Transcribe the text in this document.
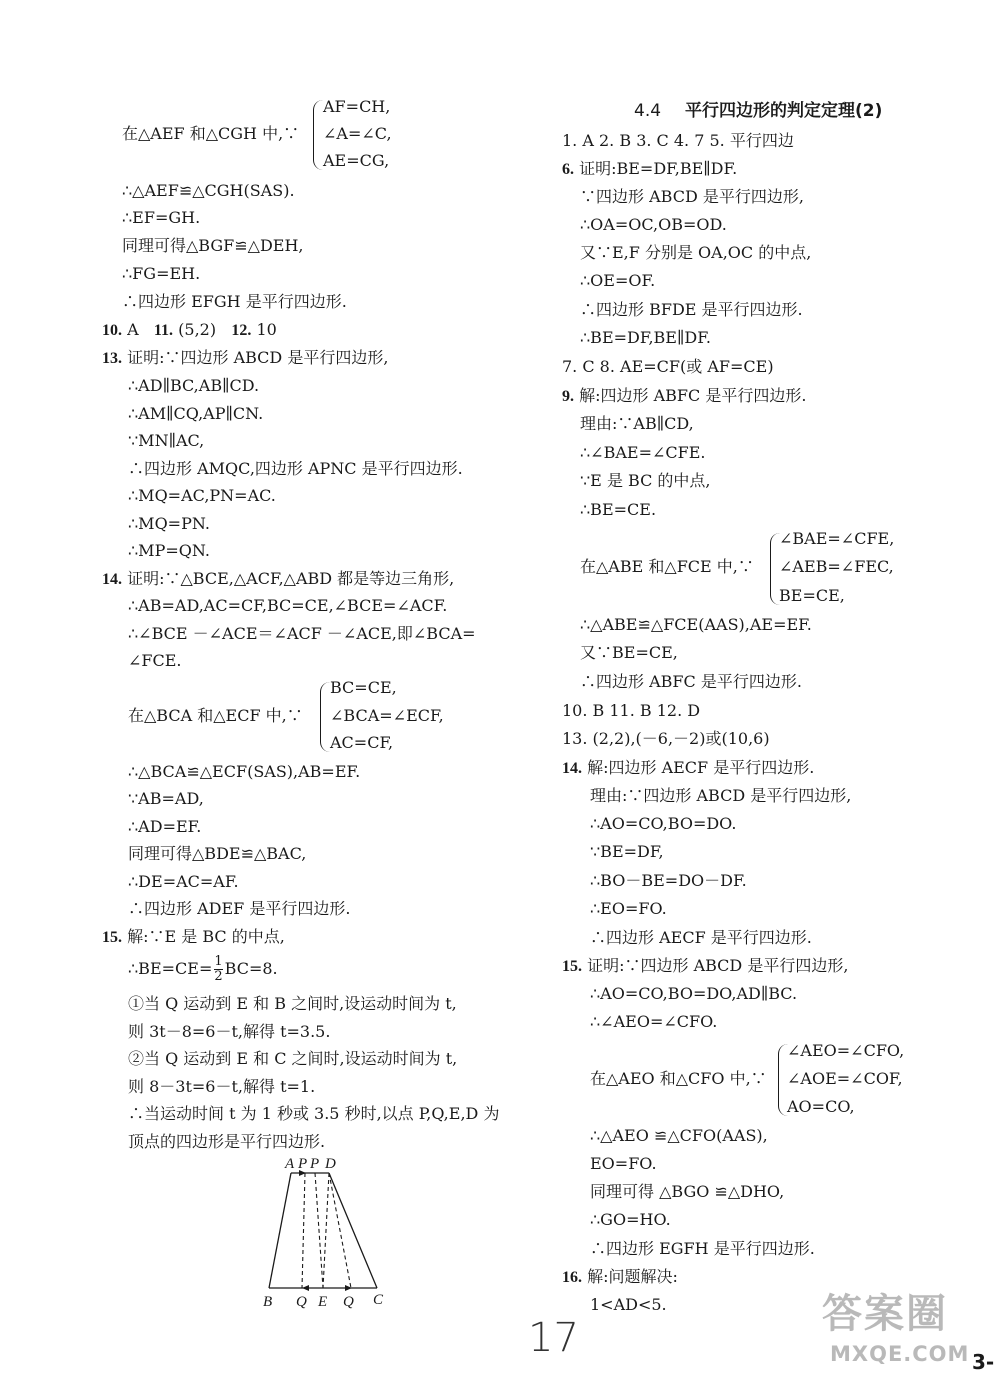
AF=CH,
在△AEF 和△CGH 中,∵ ∠A=∠C,
AE=CG,
∴△AEF≌△CGH(SAS).
∴EF=GH.
同理可得△BGF≌△DEH,
∴FG=EH.
∴四边形 EFGH 是平行四边形.
10. A 11. (5,2) 12. 10
13. 证明:∵四边形 ABCD 是平行四边形,
∴AD∥BC,AB∥CD.
∴AM∥CQ,AP∥CN.
∵MN∥AC,
∴四边形 AMQC,四边形 APNC 是平行四边形.
∴MQ=AC,PN=AC.
∴MQ=PN.
∴MP=QN.
14. 证明:∵△BCE,△ACF,△ABD 都是等边三角形,
∴AB=AD,AC=CF,BC=CE,∠BCE=∠ACF.
∴∠BCE －∠ACE＝∠ACF －∠ACE,即∠BCA=
∠FCE.
BC=CE,
在△BCA 和△ECF 中,∵ ∠BCA=∠ECF,
AC=CF,
∴△BCA≌△ECF(SAS),AB=EF.
∵AB=AD,
∴AD=EF.
同理可得△BDE≌△BAC,
∴DE=AC=AF.
∴四边形 ADEF 是平行四边形.
15. 解:∵E 是 BC 的中点,
∴BE=CE= $\frac{1}{2} BC=8$.
①当 Q 运动到 E 和 B 之间时,设运动时间为 t,
则 3t－8=6－t,解得 t=3.5.
②当 Q 运动到 E 和 C 之间时,设运动时间为 t,
则 8－3t=6－t,解得 t=1.
∴当运动时间 t 为 1 秒或 3.5 秒时,以点 P,Q,E,D 为
顶点的四边形是平行四边形.
A P P D
B Q E Q C
4.4 平行四边形的判定定理(2)
1. A 2. B 3. C 4. 7 5. 平行四边
6. 证明:BE=DF,BE∥DF.
∵四边形 ABCD 是平行四边形,
∴OA=OC,OB=OD.
又∵E,F 分别是 OA,OC 的中点,
∴OE=OF.
∴四边形 BFDE 是平行四边形.
∴BE=DF,BE∥DF.
7. C 8. AE=CF(或 AF=CE)
9. 解:四边形 ABFC 是平行四边形.
理由:∵AB∥CD,
∴∠BAE=∠CFE.
∵E 是 BC 的中点,
∴BE=CE.
∠BAE=∠CFE,
在△ABE 和△FCE 中,∵ ∠AEB=∠FEC,
BE=CE,
∴△ABE≌△FCE(AAS),AE=EF.
又∵BE=CE,
∴四边形 ABFC 是平行四边形.
10. B 11. B 12. D
13. (2,2),(－6,－2)或(10,6)
14. 解:四边形 AECF 是平行四边形.
理由:∵四边形 ABCD 是平行四边形,
∴AO=CO,BO=DO.
∵BE=DF,
∴BO－BE=DO－DF.
∴EO=FO.
∴四边形 AECF 是平行四边形.
15. 证明:∵四边形 ABCD 是平行四边形,
∴AO=CO,BO=DO,AD∥BC.
∴∠AEO=∠CFO.
∠AEO=∠CFO,
在△AEO 和△CFO 中,∵ ∠AOE=∠COF,
AO=CO,
∴△AEO ≌△CFO(AAS),
EO=FO.
同理可得 △BGO ≌△DHO,
∴GO=HO.
∴四边形 EGFH 是平行四边形.
16. 解:问题解决:
1<AD<5.
17
答案圈
MXQE.COM 3-
